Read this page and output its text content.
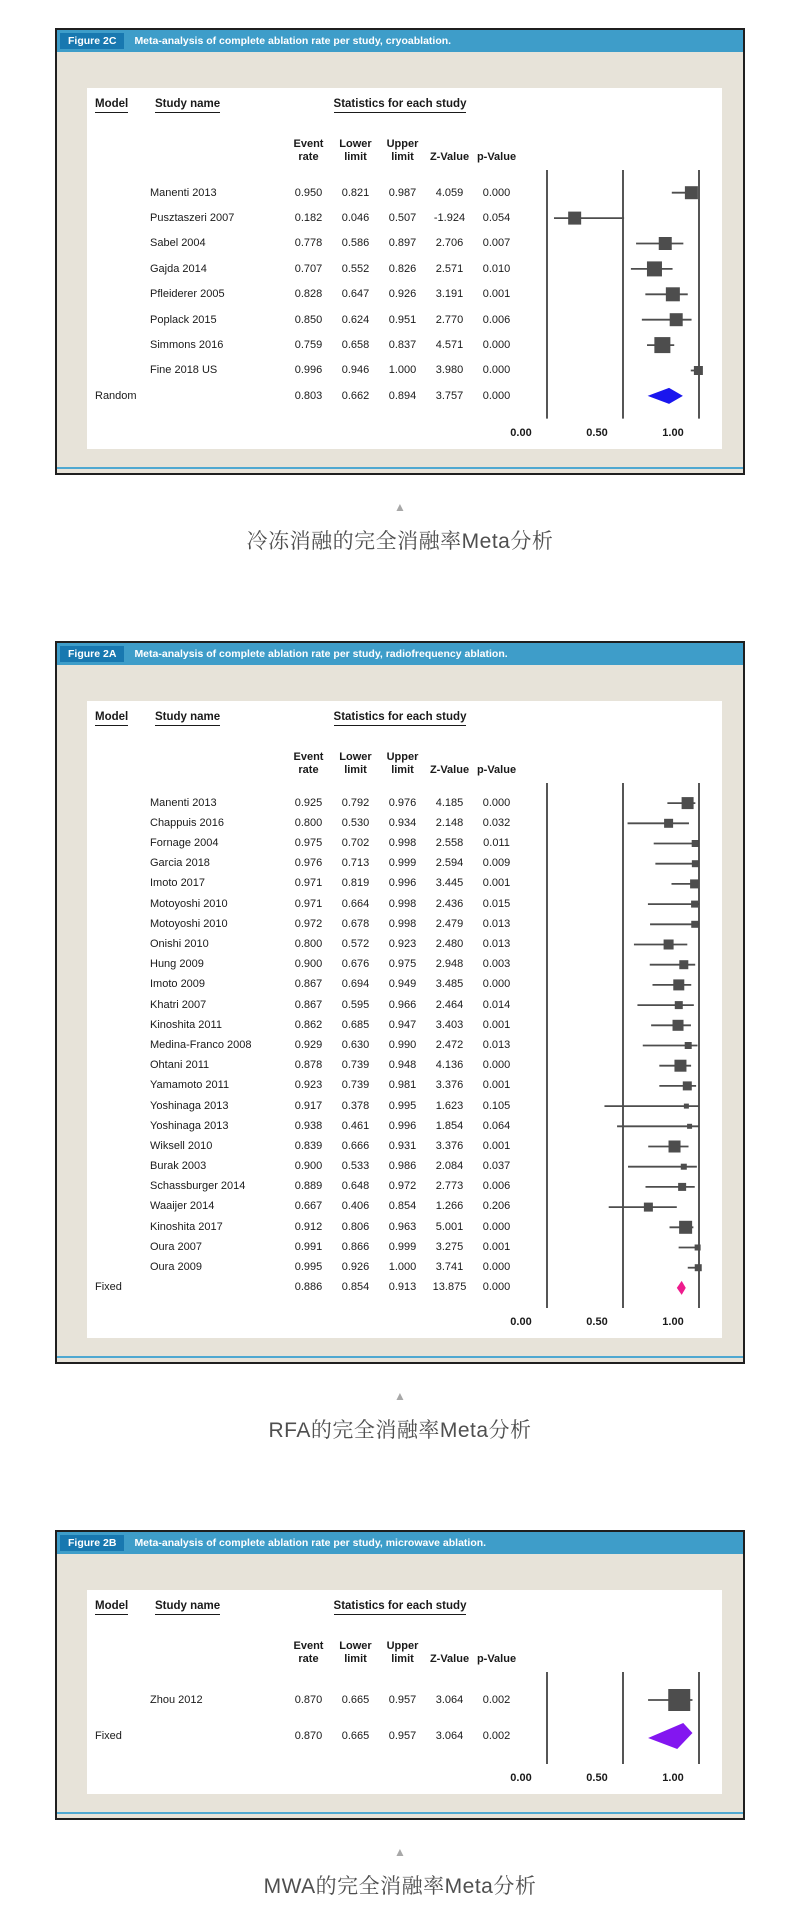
Figure 2C	Meta-analysis of complete ablation rate per study, cryoablation.
Model Study name	Statistics for each study
Event
rate
Lower
limit
Upper
limit	Z-Value p-Value
Manenti 2013	0.950	0.821	0.987	4.059	0.000
Pusztaszeri 2007	0.182	0.046	0.507	-1.924	0.054
Sabel 2004	0.778	0.586	0.897	2.706	0.007
Gajda 2014	0.707	0.552	0.826	2.571	0.010
Pfleiderer 2005	0.828	0.647	0.926	3.191	0.001
Poplack 2015	0.850	0.624	0.951	2.770	0.006
Simmons 2016	0.759	0.658	0.837	4.571	0.000
Fine 2018 US	0.996	0.946	1.000	3.980	0.000
Random	0.803	0.662	0.894	3.757	0.000
0.00	0.50	1.00
▲
冷冻消融的完全消融率Meta分析
Figure 2A	Meta-analysis of complete ablation rate per study, radiofrequency ablation.
Model Study name	Statistics for each study
Event
rate
Lower
limit
Upper
limit	Z-Value p-Value
Manenti 2013	0.925	0.792	0.976	4.185	0.000
Chappuis 2016	0.800	0.530	0.934	2.148	0.032
Fornage 2004	0.975	0.702	0.998	2.558	0.011
Garcia 2018	0.976	0.713	0.999	2.594	0.009
Imoto 2017	0.971	0.819	0.996	3.445	0.001
Motoyoshi 2010	0.971	0.664	0.998	2.436	0.015
Motoyoshi 2010	0.972	0.678	0.998	2.479	0.013
Onishi 2010	0.800	0.572	0.923	2.480	0.013
Hung 2009	0.900	0.676	0.975	2.948	0.003
Imoto 2009	0.867	0.694	0.949	3.485	0.000
Khatri 2007	0.867	0.595	0.966	2.464	0.014
Kinoshita 2011	0.862	0.685	0.947	3.403	0.001
Medina-Franco 2008	0.929	0.630	0.990	2.472	0.013
Ohtani 2011	0.878	0.739	0.948	4.136	0.000
Yamamoto 2011	0.923	0.739	0.981	3.376	0.001
Yoshinaga 2013	0.917	0.378	0.995	1.623	0.105
Yoshinaga 2013	0.938	0.461	0.996	1.854	0.064
Wiksell 2010	0.839	0.666	0.931	3.376	0.001
Burak 2003	0.900	0.533	0.986	2.084	0.037
Schassburger 2014	0.889	0.648	0.972	2.773	0.006
Waaijer 2014	0.667	0.406	0.854	1.266	0.206
Kinoshita 2017	0.912	0.806	0.963	5.001	0.000
Oura 2007	0.991	0.866	0.999	3.275	0.001
Oura 2009	0.995	0.926	1.000	3.741	0.000
Fixed	0.886	0.854	0.913	13.875	0.000
0.00	0.50	1.00
▲
RFA的完全消融率Meta分析
Figure 2B	Meta-analysis of complete ablation rate per study, microwave ablation.
Model Study name	Statistics for each study
Event
rate
Lower
limit
Upper
limit	Z-Value p-Value
Zhou 2012	0.870	0.665	0.957	3.064	0.002
Fixed	0.870	0.665	0.957	3.064	0.002
0.00	0.50	1.00
▲
MWA的完全消融率Meta分析
